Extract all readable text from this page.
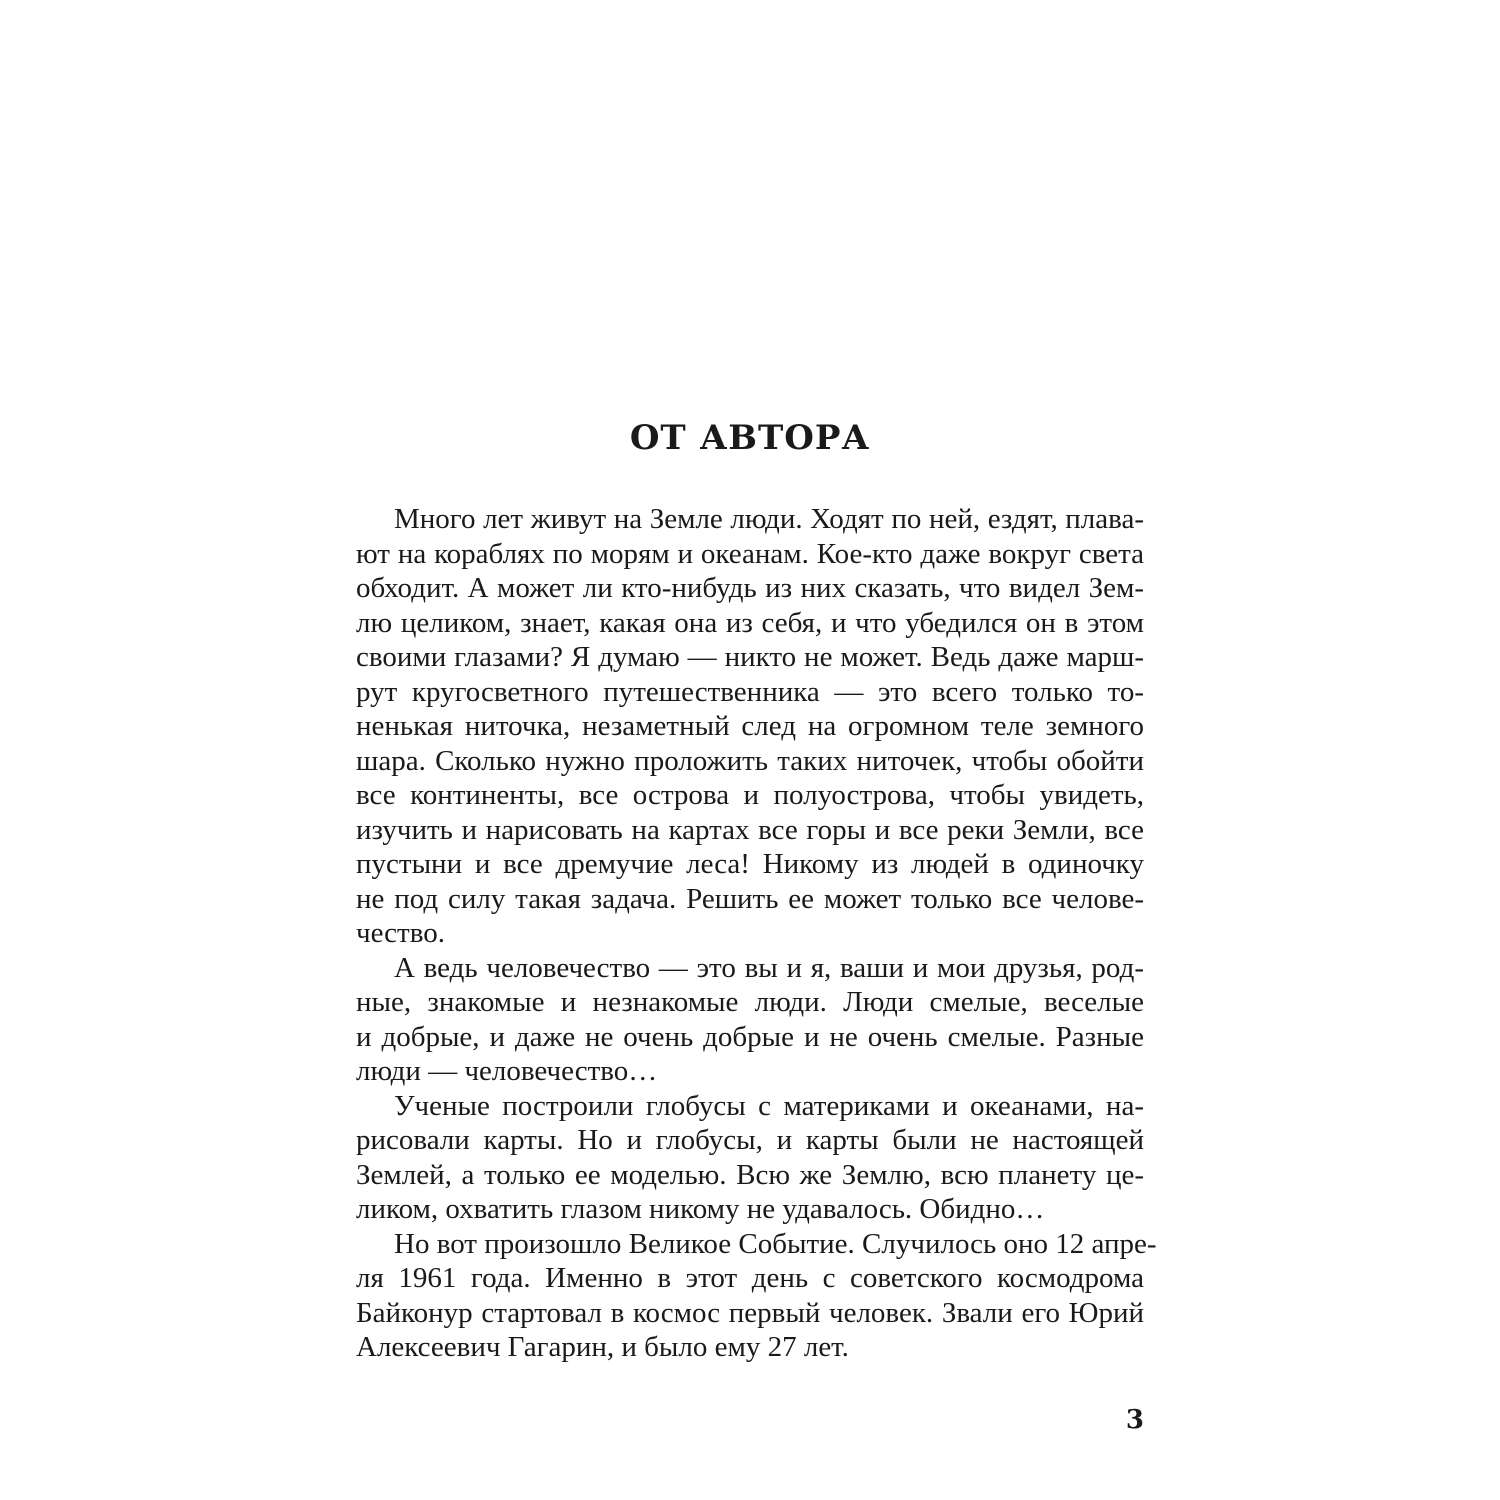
ОТ АВТОРА
Много лет живут на Земле люди. Ходят по ней, ездят, плава-
ют на кораблях по морям и океанам. Кое-кто даже вокруг света
обходит. А может ли кто-нибудь из них сказать, что видел Зем-
лю целиком, знает, какая она из себя, и что убедился он в этом
своими глазами? Я думаю — никто не может. Ведь даже марш-
рут кругосветного путешественника — это всего только то-
ненькая ниточка, незаметный след на огромном теле земного
шара. Сколько нужно проложить таких ниточек, чтобы обойти
все континенты, все острова и полуострова, чтобы увидеть,
изучить и нарисовать на картах все горы и все реки Земли, все
пустыни и все дремучие леса! Никому из людей в одиночку
не под силу такая задача. Решить ее может только все челове-
чество.
А ведь человечество — это вы и я, ваши и мои друзья, род-
ные, знакомые и незнакомые люди. Люди смелые, веселые
и добрые, и даже не очень добрые и не очень смелые. Разные
люди — человечество…
Ученые построили глобусы с материками и океанами, на-
рисовали карты. Но и глобусы, и карты были не настоящей
Землей, а только ее моделью. Всю же Землю, всю планету це-
ликом, охватить глазом никому не удавалось. Обидно…
Но вот произошло Великое Событие. Случилось оно 12 апре-
ля 1961 года. Именно в этот день с советского космодрома
Байконур стартовал в космос первый человек. Звали его Юрий
Алексеевич Гагарин, и было ему 27 лет.
3
